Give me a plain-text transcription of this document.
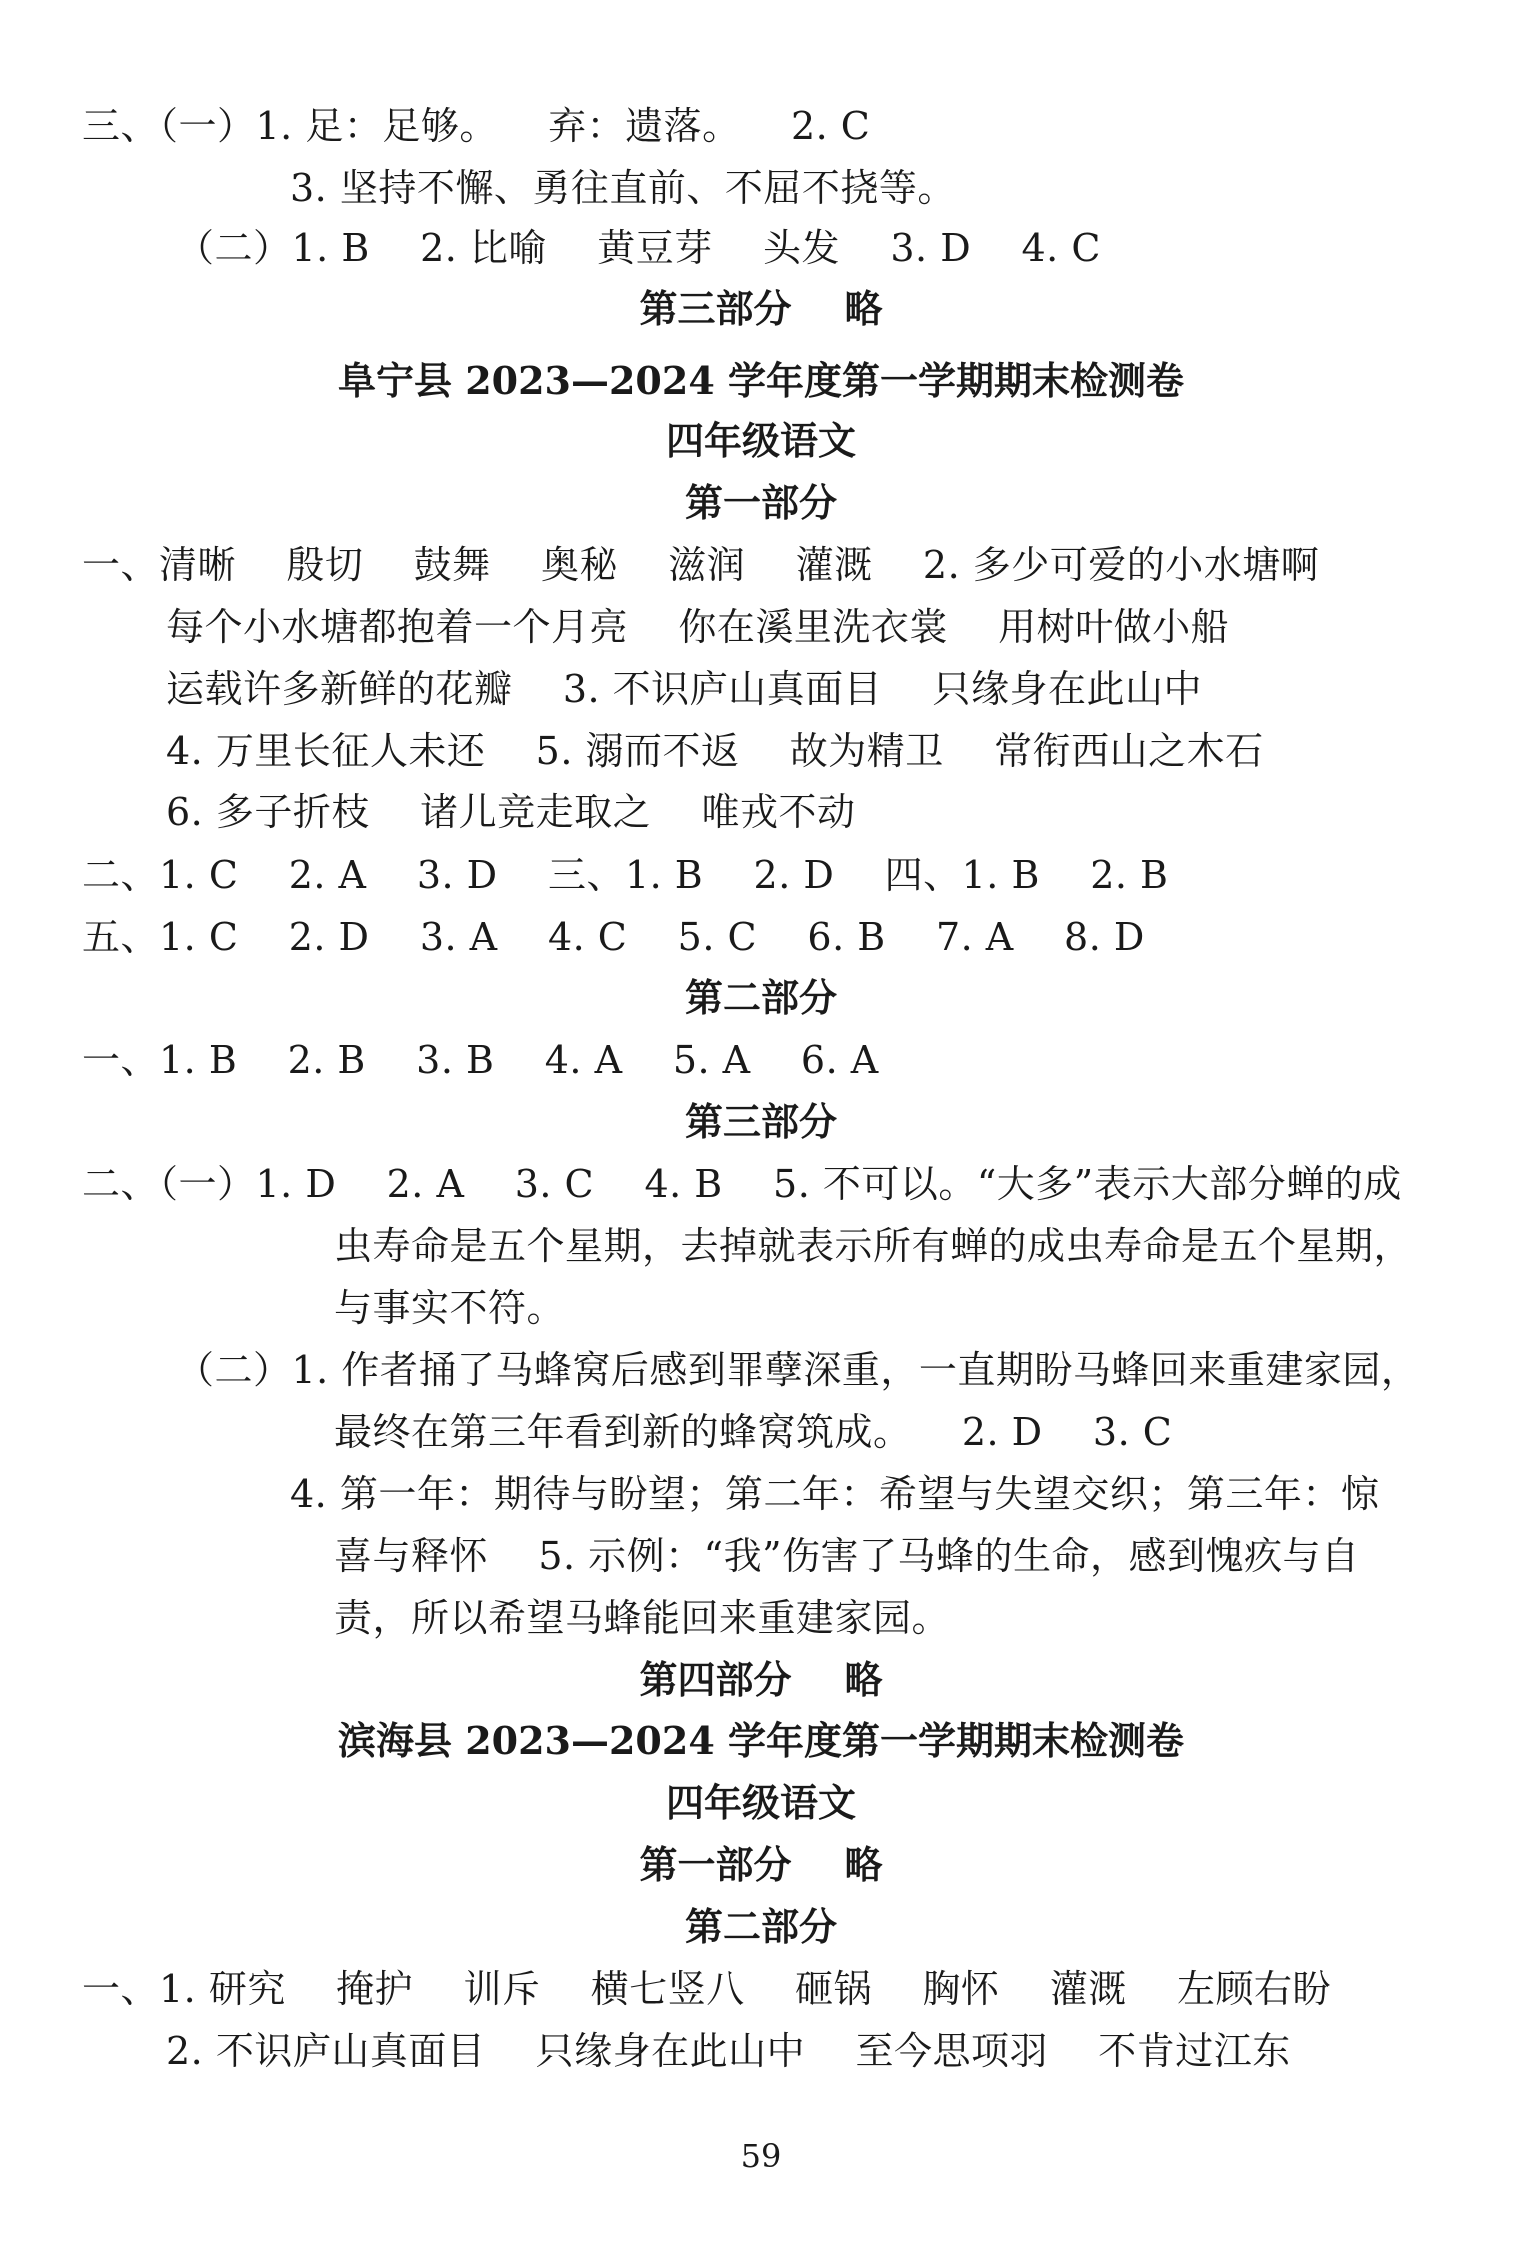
三、（一）1. 足：足够。    弃：遗落。    2. C
3. 坚持不懈、勇往直前、不屈不挠等。
（二）1. B    2. 比喻    黄豆芽    头发    3. D    4. C
第三部分    略
阜宁县 2023—2024 学年度第一学期期末检测卷
四年级语文
第一部分
一、清晰    殷切    鼓舞    奥秘    滋润    灌溉    2. 多少可爱的小水塘啊
每个小水塘都抱着一个月亮    你在溪里洗衣裳    用树叶做小船
运载许多新鲜的花瓣    3. 不识庐山真面目    只缘身在此山中
4. 万里长征人未还    5. 溺而不返    故为精卫    常衔西山之木石
6. 多子折枝    诸儿竞走取之    唯戎不动
二、1. C    2. A    3. D    三、1. B    2. D    四、1. B    2. B
五、1. C    2. D    3. A    4. C    5. C    6. B    7. A    8. D
第二部分
一、1. B    2. B    3. B    4. A    5. A    6. A
第三部分
二、（一）1. D    2. A    3. C    4. B    5. 不可以。“大多”表示大部分蝉的成
虫寿命是五个星期，去掉就表示所有蝉的成虫寿命是五个星期，
与事实不符。
（二）1. 作者捅了马蜂窝后感到罪孽深重，一直期盼马蜂回来重建家园，
最终在第三年看到新的蜂窝筑成。    2. D    3. C
4. 第一年：期待与盼望；第二年：希望与失望交织；第三年：惊
喜与释怀    5. 示例：“我”伤害了马蜂的生命，感到愧疚与自
责，所以希望马蜂能回来重建家园。
第四部分    略
滨海县 2023—2024 学年度第一学期期末检测卷
四年级语文
第一部分    略
第二部分
一、1. 研究    掩护    训斥    横七竖八    砸锅    胸怀    灌溉    左顾右盼
2. 不识庐山真面目    只缘身在此山中    至今思项羽    不肯过江东
59
